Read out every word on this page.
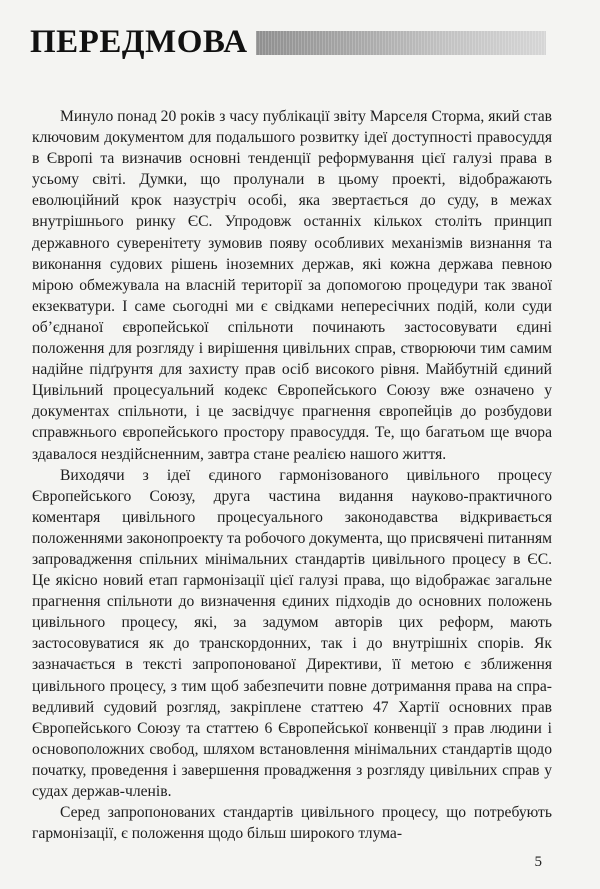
ПЕРЕДМОВА

Минуло понад 20 років з часу публікації звіту Марселя Сторма, який став ключовим документом для подальшого розвитку ідеї доступності правосуддя в Європі та визначив основні тенденції реформування цієї галузі права в усьому світі. Думки, що пролунали в цьому проекті, відображають еволюційний крок назустріч особі, яка звертається до суду, в межах внутрішнього ринку ЄС. Упродовж останніх кількох століть принцип державного суверенітету зумовив появу особливих механізмів визнання та виконання судових рішень іноземних держав, які кожна держава певною мірою обмежувала на власній території за допомогою процедури так званої екзекватури. І саме сьогодні ми є свідками непересічних подій, коли суди об’єднаної європейської спільноти починають застосовувати єдині положення для розгляду і вирішення цивільних справ, створюючи тим самим надійне підґрунтя для захисту прав осіб високого рівня. Майбутній єдиний Цивільний процесуальний кодекс Європейського Союзу вже означено у документах спільноти, і це засвідчує прагнення європейців до розбудови справжнього європейського простору правосуддя. Те, що багатьом ще вчора здавалося нездійсненним, завтра стане реалією нашого життя.

Виходячи з ідеї єдиного гармонізованого цивільного процесу Європейського Союзу, друга частина видання науково-практичного коментаря цивільного процесуального законодавства відкривається положеннями законопроекту та робочого документа, що присвячені питанням запровадження спільних мінімальних стандартів цивільного процесу в ЄС. Це якісно новий етап гармонізації цієї галузі права, що відображає загальне прагнення спільноти до визначення єдиних підходів до основних положень цивільного процесу, які, за задумом авторів цих реформ, мають застосовуватися як до транскордонних, так і до внутрішніх спорів. Як зазначається в тексті запропонованої Директиви, її метою є зближення цивільного процесу, з тим щоб забезпечити повне дотримання права на справедливий судовий розгляд, закріплене статтею 47 Хартії основних прав Європейського Союзу та статтею 6 Європейської конвенції з прав людини і основоположних свобод, шляхом встановлення мінімальних стандартів щодо початку, проведення і завершення провадження з розгляду цивільних справ у судах держав-членів.

Серед запропонованих стандартів цивільного процесу, що потребують гармонізації, є положення щодо більш широкого тлума-

5
